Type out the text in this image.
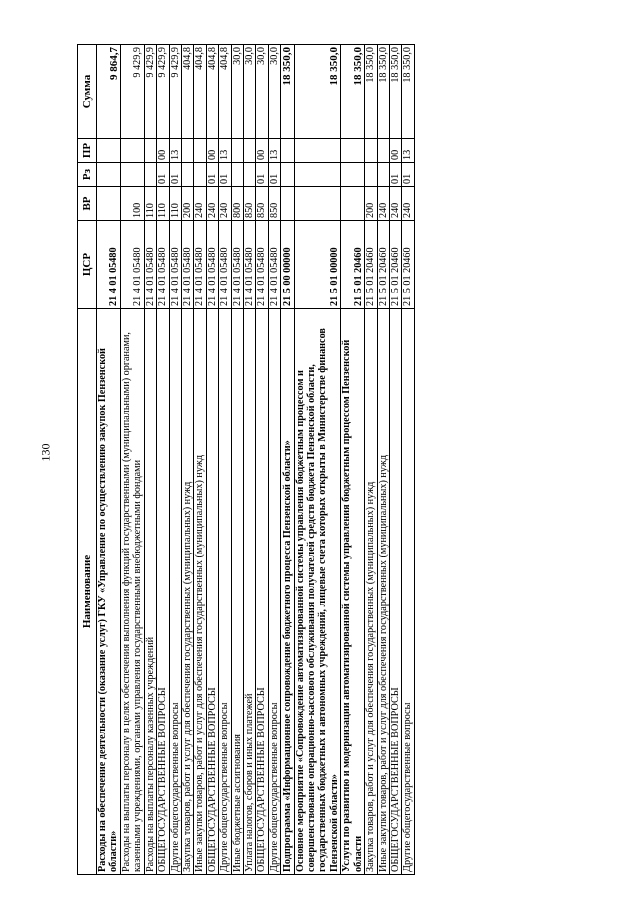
130
Наименование	ЦСР	ВР	Рз	ПР	Сумма
Расходы на обеспечение деятельности (оказание услуг) ГКУ «Управление по осуществлению закупок Пензенской области»	21 4 01 05480				9 864,7
Расходы на выплаты персоналу в целях обеспечения выполнения функций государственными (муниципальными) органами, казенными учреждениями, органами управления государственными внебюджетными фондами	21 4 01 05480	100			9 429,9
Расходы на выплаты персоналу казенных учреждений	21 4 01 05480	110			9 429,9
ОБЩЕГОСУДАРСТВЕННЫЕ ВОПРОСЫ	21 4 01 05480	110	01	00	9 429,9
Другие общегосударственные вопросы	21 4 01 05480	110	01	13	9 429,9
Закупка товаров, работ и услуг для обеспечения государственных (муниципальных) нужд	21 4 01 05480	200			404,8
Иные закупки товаров, работ и услуг для обеспечения государственных (муниципальных) нужд	21 4 01 05480	240			404,8
ОБЩЕГОСУДАРСТВЕННЫЕ ВОПРОСЫ	21 4 01 05480	240	01	00	404,8
Другие общегосударственные вопросы	21 4 01 05480	240	01	13	404,8
Иные бюджетные ассигнования	21 4 01 05480	800			30,0
Уплата налогов, сборов и иных платежей	21 4 01 05480	850			30,0
ОБЩЕГОСУДАРСТВЕННЫЕ ВОПРОСЫ	21 4 01 05480	850	01	00	30,0
Другие общегосударственные вопросы	21 4 01 05480	850	01	13	30,0
Подпрограмма «Информационное сопровождение бюджетного процесса Пензенской области»	21 5 00 00000				18 350,0
Основное мероприятие «Сопровождение автоматизированной системы управления бюджетным процессом и совершенствование операционно-кассового обслуживания получателей средств бюджета Пензенской области, государственных бюджетных и автономных учреждений, лицевые счета которых открыты в Министерстве финансов Пензенской области»	21 5 01 00000				18 350,0
Услуги по развитию и модернизации автоматизированной системы управления бюджетным процессом Пензенской области	21 5 01 20460				18 350,0
Закупка товаров, работ и услуг для обеспечения государственных (муниципальных) нужд	21 5 01 20460	200			18 350,0
Иные закупки товаров, работ и услуг для обеспечения государственных (муниципальных) нужд	21 5 01 20460	240			18 350,0
ОБЩЕГОСУДАРСТВЕННЫЕ ВОПРОСЫ	21 5 01 20460	240	01	00	18 350,0
Другие общегосударственные вопросы	21 5 01 20460	240	01	13	18 350,0
